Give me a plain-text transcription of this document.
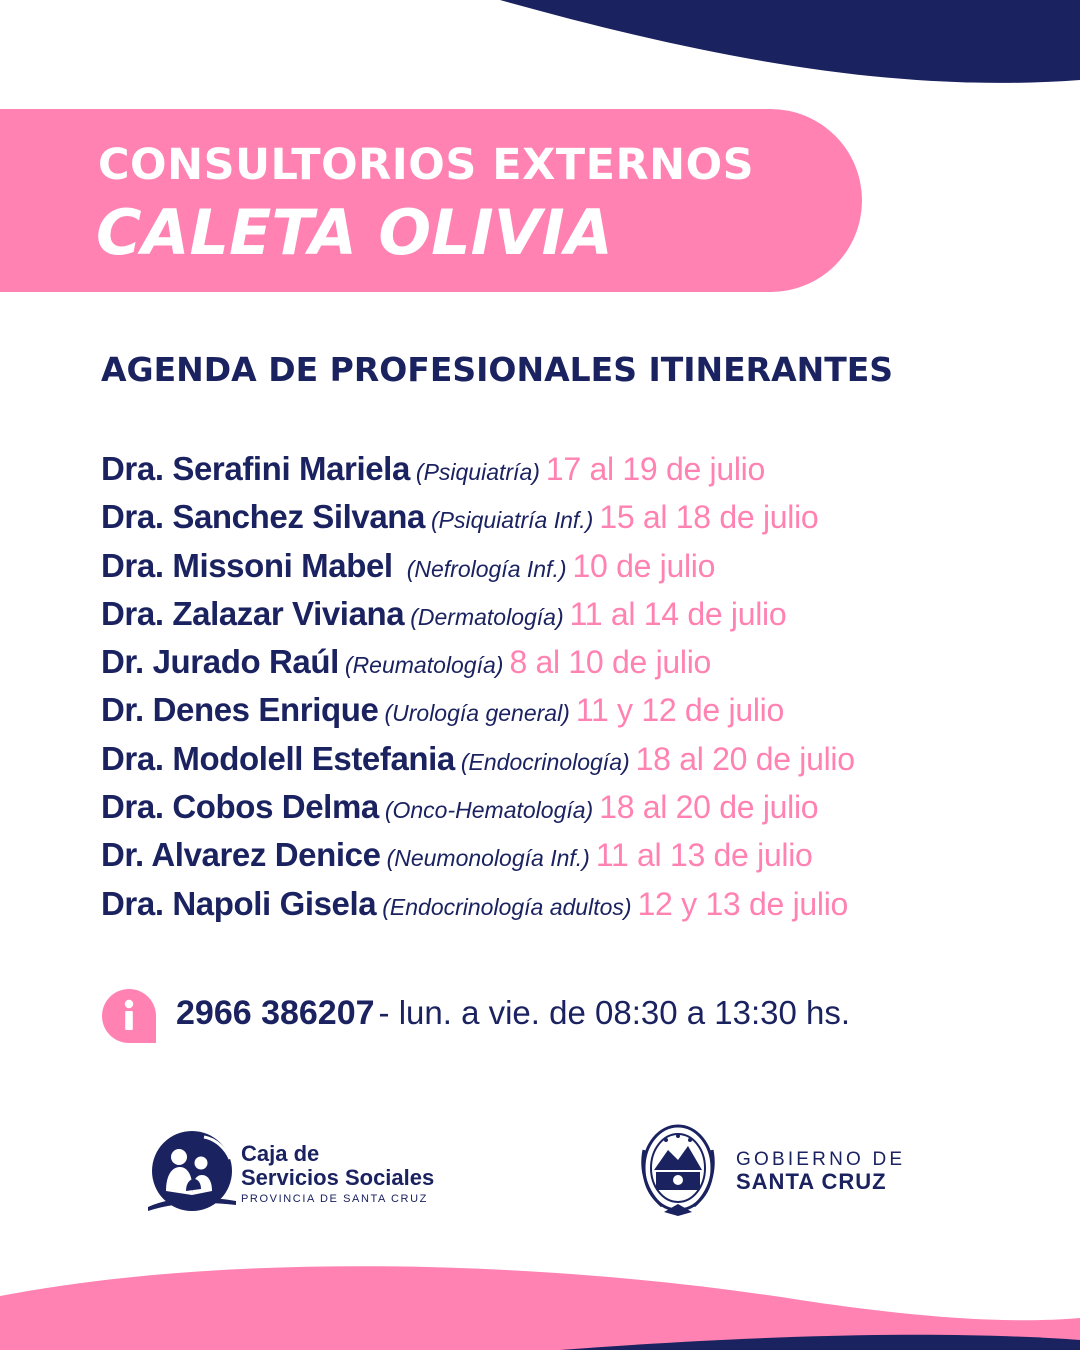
CONSULTORIOS EXTERNOS
CALETA OLIVIA
AGENDA DE PROFESIONALES ITINERANTES
Dra. Serafini Mariela (Psiquiatría) 17 al 19 de julio
Dra. Sanchez Silvana (Psiquiatría Inf.) 15 al 18 de julio
Dra. Missoni Mabel (Nefrología Inf.) 10 de julio
Dra. Zalazar Viviana (Dermatología) 11 al 14 de julio
Dr. Jurado Raúl (Reumatología) 8 al 10 de julio
Dr. Denes Enrique (Urología general) 11 y 12 de julio
Dra. Modolell Estefania (Endocrinología) 18 al 20 de julio
Dra. Cobos Delma (Onco-Hematología) 18 al 20 de julio
Dr. Alvarez Denice (Neumonología Inf.) 11 al 13 de julio
Dra. Napoli Gisela (Endocrinología adultos) 12 y 13 de julio
2966 386207 - lun. a vie. de 08:30 a 13:30 hs.
Caja de
Servicios Sociales
PROVINCIA DE SANTA CRUZ
GOBIERNO DE
SANTA CRUZ
